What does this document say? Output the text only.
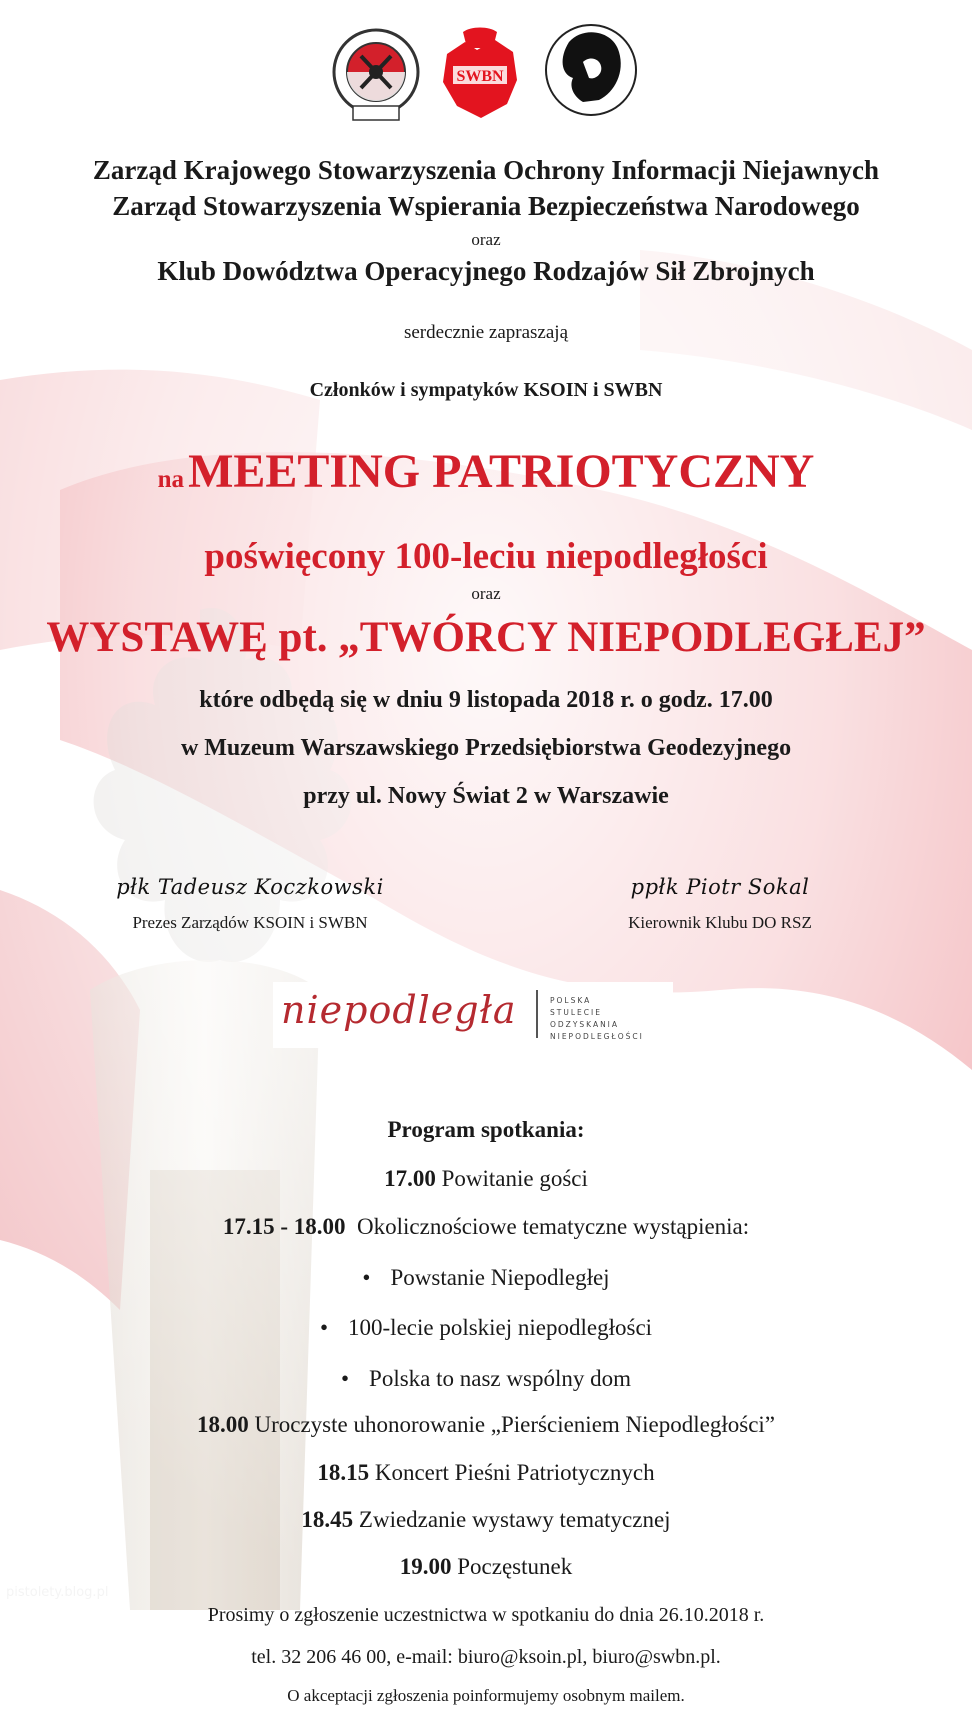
SWBN
Zarząd Krajowego Stowarzyszenia Ochrony Informacji Niejawnych
Zarząd Stowarzyszenia Wspierania Bezpieczeństwa Narodowego
oraz
Klub Dowództwa Operacyjnego Rodzajów Sił Zbrojnych
serdecznie zapraszają
Członków i sympatyków KSOIN i SWBN
na MEETING PATRIOTYCZNY
poświęcony 100-leciu niepodległości
oraz
WYSTAWĘ pt. „TWÓRCY NIEPODLEGŁEJ”
które odbędą się w dniu 9 listopada 2018 r. o godz. 17.00
w Muzeum Warszawskiego Przedsiębiorstwa Geodezyjnego
przy ul. Nowy Świat 2 w Warszawie
płk Tadeusz Koczkowski
Prezes Zarządów KSOIN i SWBN
ppłk Piotr Sokal
Kierownik Klubu DO RSZ
niepodległa	POLSKA
STULECIE ODZYSKANIA
NIEPODLEGŁOŚCI
Program spotkania:
17.00 Powitanie gości
17.15 - 18.00 Okolicznościowe tematyczne wystąpienia:
• Powstanie Niepodległej
• 100-lecie polskiej niepodległości
• Polska to nasz wspólny dom
18.00 Uroczyste uhonorowanie „Pierścieniem Niepodległości”
18.15 Koncert Pieśni Patriotycznych
18.45 Zwiedzanie wystawy tematycznej
19.00 Poczęstunek
pistolety.blog.pl
Prosimy o zgłoszenie uczestnictwa w spotkaniu do dnia 26.10.2018 r.
tel. 32 206 46 00, e-mail: biuro@ksoin.pl, biuro@swbn.pl.
O akceptacji zgłoszenia poinformujemy osobnym mailem.
